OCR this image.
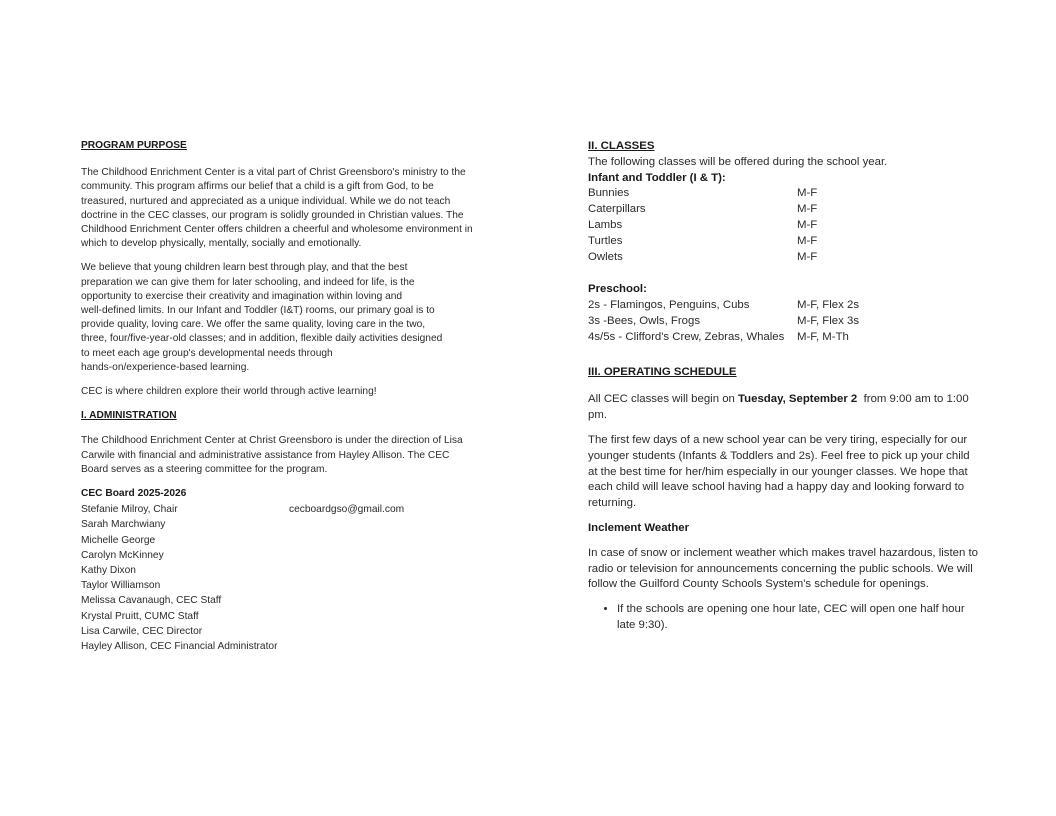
PROGRAM PURPOSE

The Childhood Enrichment Center is a vital part of Christ Greensboro's ministry to the community. This program affirms our belief that a child is a gift from God, to be treasured, nurtured and appreciated as a unique individual. While we do not teach doctrine in the CEC classes, our program is solidly grounded in Christian values. The Childhood Enrichment Center offers children a cheerful and wholesome environment in which to develop physically, mentally, socially and emotionally.

We believe that young children learn best through play, and that the best
preparation we can give them for later schooling, and indeed for life, is the
opportunity to exercise their creativity and imagination within loving and
well-defined limits. In our Infant and Toddler (I&T) rooms, our primary goal is to
provide quality, loving care. We offer the same quality, loving care in the two,
three, four/five-year-old classes; and in addition, flexible daily activities designed
to meet each age group's developmental needs through
hands-on/experience-based learning.

CEC is where children explore their world through active learning!

I. ADMINISTRATION

The Childhood Enrichment Center at Christ Greensboro is under the direction of Lisa Carwile with financial and administrative assistance from Hayley Allison. The CEC Board serves as a steering committee for the program.

CEC Board 2025-2026

Stefanie Milroy, Chair	cecboardgso@gmail.com
Sarah Marchwiany
Michelle George
Carolyn McKinney
Kathy Dixon
Taylor Williamson
Melissa Cavanaugh, CEC Staff
Krystal Pruitt, CUMC Staff
Lisa Carwile, CEC Director
Hayley Allison, CEC Financial Administrator
II. CLASSES

The following classes will be offered during the school year.

Infant and Toddler (I & T):

Bunnies	M-F
Caterpillars	M-F
Lambs	M-F
Turtles	M-F
Owlets	M-F

Preschool:

2s - Flamingos, Penguins, Cubs	M-F, Flex 2s
3s -Bees, Owls, Frogs	M-F, Flex 3s
4s/5s - Clifford's Crew, Zebras, Whales	M-F, M-Th
III. OPERATING SCHEDULE

All CEC classes will begin on Tuesday, September 2  from 9:00 am to 1:00 pm.

The first few days of a new school year can be very tiring, especially for our younger students (Infants & Toddlers and 2s). Feel free to pick up your child at the best time for her/him especially in our younger classes. We hope that each child will leave school having had a happy day and looking forward to returning.

Inclement Weather

In case of snow or inclement weather which makes travel hazardous, listen to radio or television for announcements concerning the public schools. We will follow the Guilford County Schools System's schedule for openings.

• If the schools are opening one hour late, CEC will open one half hour late 9:30).
